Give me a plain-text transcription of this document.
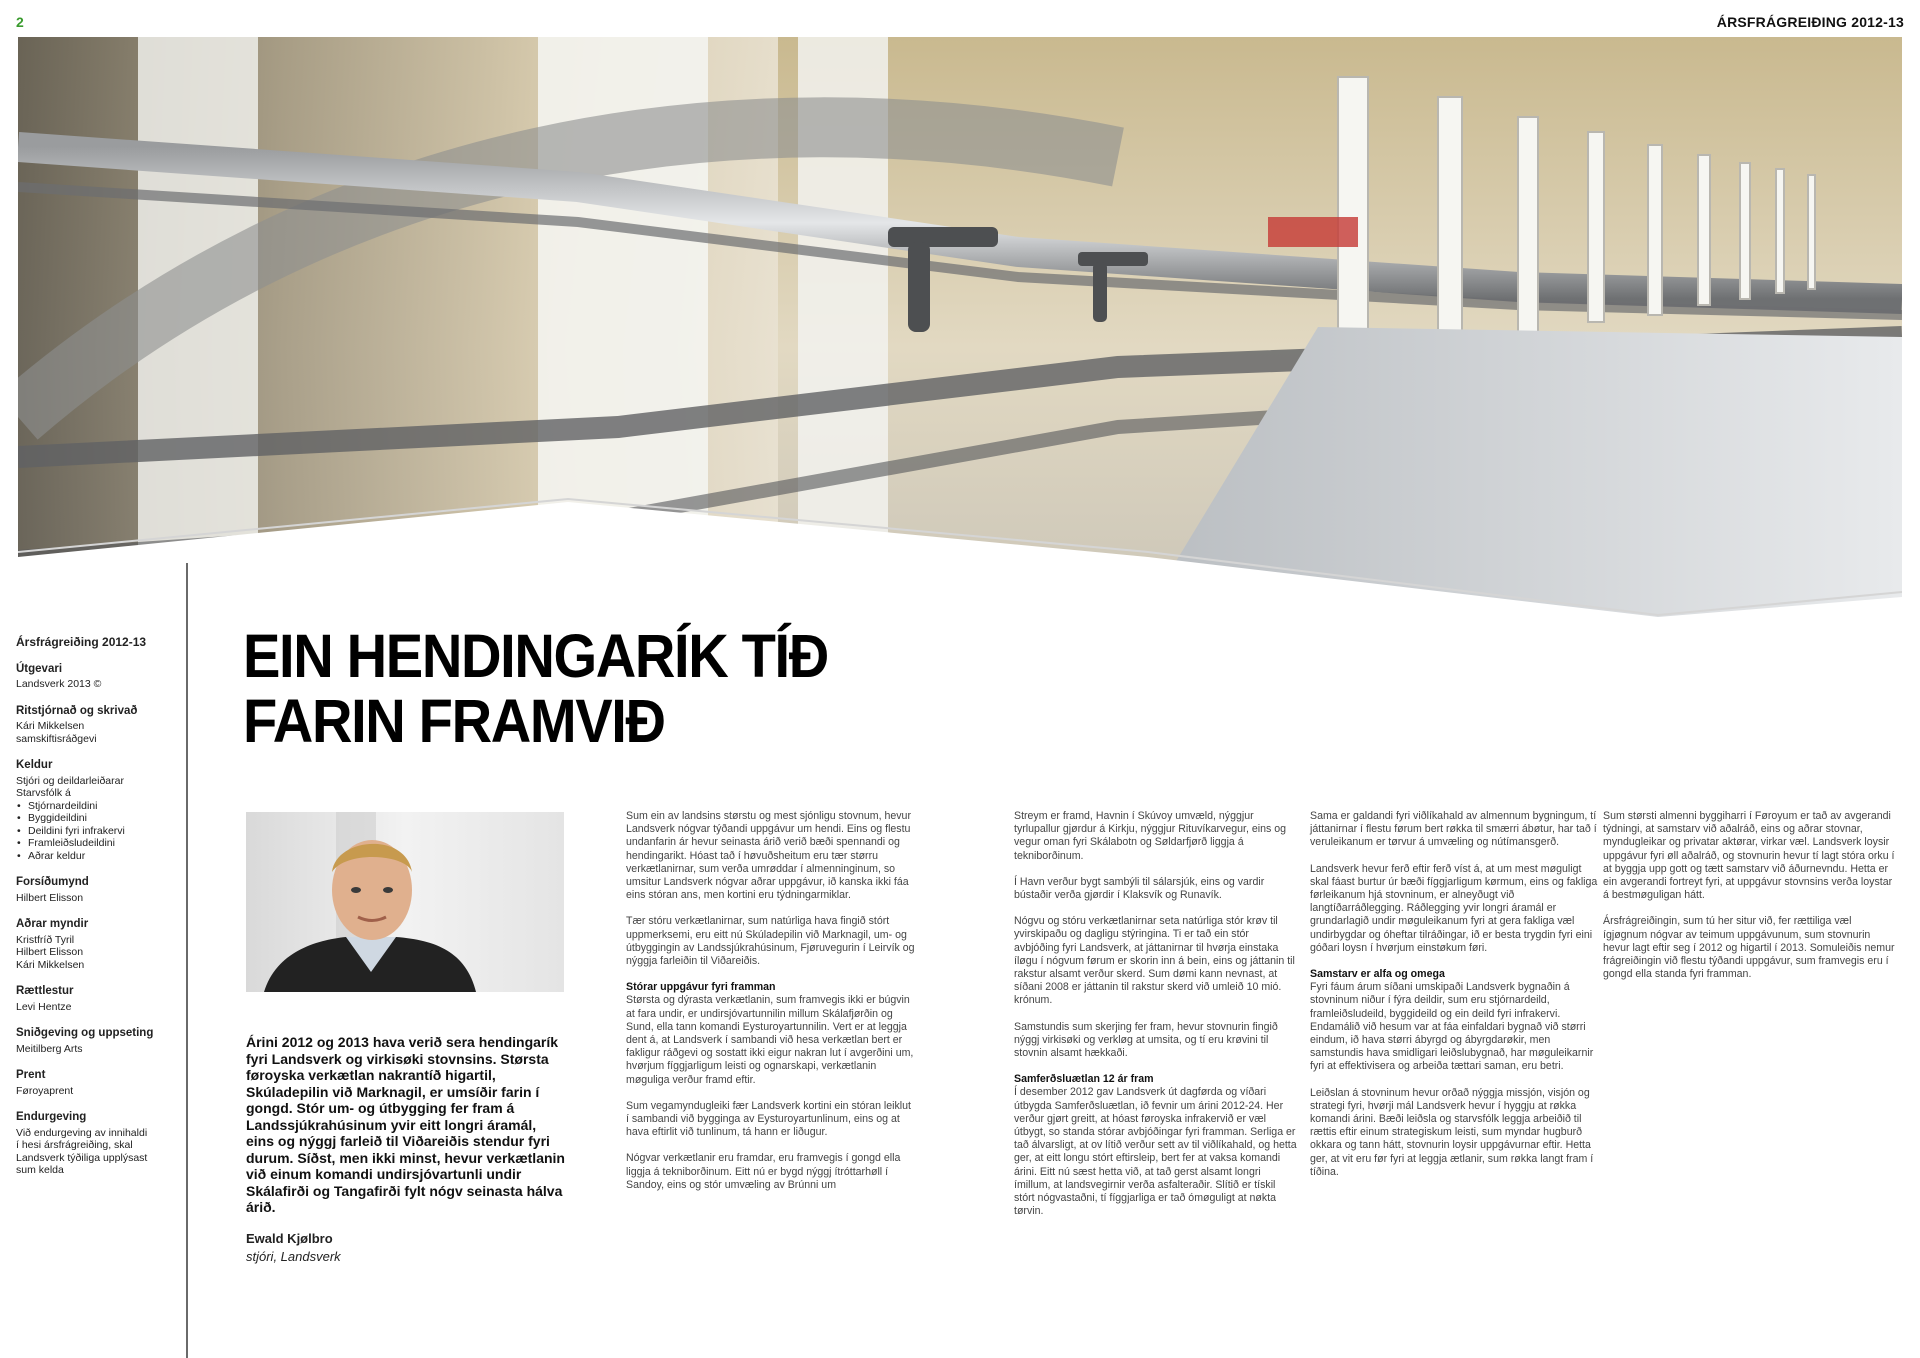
2	ÁRSFRÁGREIÐING 2012-13
Ársfrágreiðing 2012-13
Útgevari
Landsverk 2013 ©
Ritstjórnað og skrivað
Kári Mikkelsen
samskiftisráðgevi
Keldur
Stjóri og deildarleiðarar
Starvsfólk á
• Stjórnardeildini
• Byggideildini
• Deildini fyri infrakervi
• Framleiðsludeildini
• Aðrar keldur
Forsíðumynd
Hilbert Elisson
Aðrar myndir
Kristfríð Tyril
Hilbert Elisson
Kári Mikkelsen
Rættlestur
Levi Hentze
Sniðgeving og uppseting
Meitilberg Arts
Prent
Føroyaprent
Endurgeving
Við endurgeving av innihaldi
í hesi ársfrágreiðing, skal
Landsverk týðiliga upplýsast
sum kelda
EIN HENDINGARÍK TÍÐ
FARIN FRAMVIÐ
Árini 2012 og 2013 hava verið sera hendingarík fyri Landsverk og virkisøki stovnsins. Størsta føroyska verkætlan nakrantíð higartil, Skúladepilin við Marknagil, er umsíðir farin í gongd. Stór um- og útbygging fer fram á Landssjúkrahúsinum yvir eitt longri áramál, eins og nýggj farleið til Viðareiðis stendur fyri durum. Síðst, men ikki minst, hevur verkætlanin við einum komandi undirsjóvartunli undir Skálafirði og Tangafirði fylt nógv seinasta hálva árið.
Ewald Kjølbro
stjóri, Landsverk

Sum ein av landsins størstu og mest sjónligu stovnum, hevur Landsverk nógvar týðandi uppgávur um hendi. Eins og flestu undanfarin ár hevur seinasta árið verið bæði spennandi og hendingarikt. Hóast tað í høvuðsheitum eru tær størru verkætlanirnar, sum verða umrøddar í almenninginum, so umsitur Landsverk nógvar aðrar uppgávur, ið kanska ikki fáa eins stóran ans, men kortini eru týdningarmiklar.

Tær stóru verkætlanirnar, sum natúrliga hava fingið stórt uppmerksemi, eru eitt nú Skúladepilin við Marknagil, um- og útbyggingin av Landssjúkrahúsinum, Fjøruvegurin í Leirvík og nýggja farleiðin til Viðareiðis.

Stórar uppgávur fyri framman

Størsta og dýrasta verkætlanin, sum framvegis ikki er búgvin at fara undir, er undirsjóvartunnilin millum Skálafjørðin og Sund, ella tann komandi Eysturoyartunnilin. Vert er at leggja dent á, at Landsverk í sambandi við hesa verkætlan bert er fakligur ráðgevi og sostatt ikki eigur nakran lut í avgerðini um, hvørjum fíggjarligum leisti og ognarskapi, verkætlanin møguliga verður framd eftir.

Sum vegamyndugleiki fær Landsverk kortini ein stóran leiklut í sambandi við bygginga av Eysturoyartunlinum, eins og at hava eftirlit við tunlinum, tá hann er liðugur.

Nógvar verkætlanir eru framdar, eru framvegis í gongd ella liggja á tekniborðinum. Eitt nú er bygd nýggj ítróttarhøll í Sandoy, eins og stór umvæling av Brúnni um

Streym er framd, Havnin í Skúvoy umvæld, nýggjur tyrlupallur gjørdur á Kirkju, nýggjur Rituvíkarvegur, eins og vegur oman fyri Skálabotn og Søldarfjørð liggja á tekniborðinum.

Í Havn verður bygt sambýli til sálarsjúk, eins og vardir bústaðir verða gjørdir í Klaksvík og Runavík.

Nógvu og stóru verkætlanirnar seta natúrliga stór krøv til yvirskipaðu og dagligu stýringina. Ti er tað ein stór avbjóðing fyri Landsverk, at játtanirnar til hvørja einstaka íløgu í nógvum førum er skorin inn á bein, eins og játtanin til rakstur alsamt verður skerd. Sum dømi kann nevnast, at síðani 2008 er játtanin til rakstur skerd við umleið 10 mió. krónum.

Samstundis sum skerjing fer fram, hevur stovnurin fingið nýggj virkisøki og verkløg at umsita, og tí eru krøvini til stovnin alsamt hækkaði.

Samferðsluætlan 12 ár fram

Í desember 2012 gav Landsverk út dagførda og víðari útbygda Samferðsluætlan, ið fevnir um árini 2012-24. Her verður gjørt greitt, at hóast føroyska infrakervið er væl útbygt, so standa stórar avbjóðingar fyri framman. Serliga er tað álvarsligt, at ov lítið verður sett av til viðlíkahald, og hetta ger, at eitt longu stórt eftirsleip, bert fer at vaksa komandi árini. Eitt nú sæst hetta við, at tað gerst alsamt longri ímillum, at landsvegirnir verða asfalteraðir. Slítið er tískil stórt nógvastaðni, tí fíggjarliga er tað ómøguligt at nøkta tørvin.

Sama er galdandi fyri viðlíkahald av almennum bygningum, tí játtanirnar í flestu førum bert røkka til smærri ábøtur, har tað í veruleikanum er tørvur á umvæling og nútímansgerð.

Landsverk hevur ferð eftir ferð víst á, at um mest møguligt skal fáast burtur úr bæði fíggjarligum kørmum, eins og fakliga førleikanum hjá stovninum, er alneyðugt við langtíðarráðlegging. Ráðlegging yvir longri áramál er grundarlagið undir møguleikanum fyri at gera fakliga væl undirbygdar og óheftar tilráðingar, ið er besta trygdin fyri eini góðari loysn í hvørjum einstøkum føri.

Samstarv er alfa og omega

Fyri fáum árum síðani umskipaði Landsverk bygnaðin á stovninum niður í fýra deildir, sum eru stjórnardeild, framleiðsludeild, byggideild og ein deild fyri infrakervi. Endamálið við hesum var at fáa einfaldari bygnað við størri eindum, ið hava størri ábyrgd og ábyrgdarøkir, men samstundis hava smidligari leiðslubygnað, har møguleikarnir fyri at effektivisera og arbeiða tættari saman, eru betri.

Leiðslan á stovninum hevur orðað nýggja missjón, visjón og strategi fyri, hvørji mál Landsverk hevur í hyggju at røkka komandi árini. Bæði leiðsla og starvsfólk leggja arbeiðið til rættis eftir einum strategiskum leisti, sum myndar hugburð okkara og tann hátt, stovnurin loysir uppgávurnar eftir. Hetta ger, at vit eru før fyri at leggja ætlanir, sum røkka langt fram í tíðina.

Sum størsti almenni byggiharri í Føroyum er tað av avgerandi týdningi, at samstarv við aðalráð, eins og aðrar stovnar, myndugleikar og privatar aktørar, virkar væl. Landsverk loysir uppgávur fyri øll aðalráð, og stovnurin hevur tí lagt stóra orku í at byggja upp gott og tætt samstarv við áðurnevndu. Hetta er ein avgerandi fortreyt fyri, at uppgávur stovnsins verða loystar á bestmøguligan hátt.

Ársfrágreiðingin, sum tú her situr við, fer rættiliga væl ígjøgnum nógvar av teimum uppgávunum, sum stovnurin hevur lagt eftir seg í 2012 og higartil í 2013. Somuleiðis nemur frágreiðingin við flestu týðandi uppgávur, sum framvegis eru í gongd ella standa fyri framman.
